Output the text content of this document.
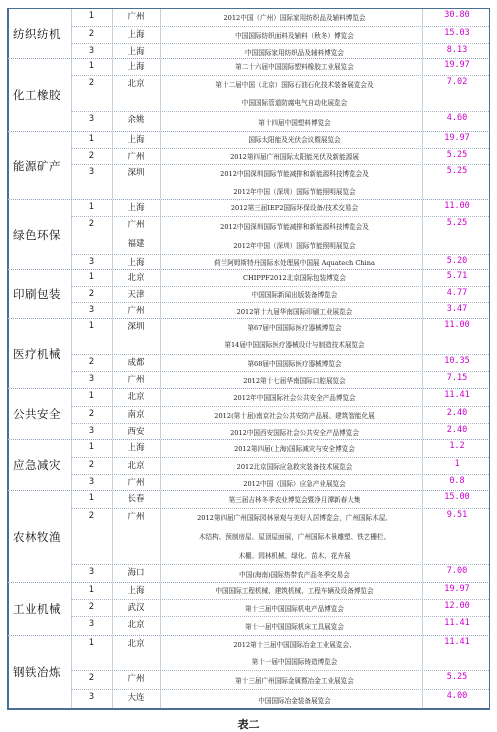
纺织纺机
1	广州	2012中国（广州）国际家用纺织品及辅料博览会	30.80
2	上海	中国国际纺织面料及辅料（秋冬）博览会	15.03
3	上海	中国国际家用纺织品及辅料博览会	8.13
化工橡胶
1	上海	第二十六届中国国际塑料橡胶工业展览会	19.97
2	北京	第十二届中国（北京）国际石油石化技术装备展览会及
中国国际管道防腐电气自动化展览会
7.02
3	余姚	第十四届中国塑料博览会	4.60
能源矿产
1	上海	国际太阳能及光伏会议暨展览会	19.97
2	广州	2012第四届广州国际太阳能光伏及新能源展	5.25
3	深圳	2012中国深圳国际节能减排和新能源科技博览会及
2012年中国（深圳）国际节能照明展览会
5.25
绿色环保
1	上海	2012第三届IEP2国际环保设备/技术交易会	11.00
2	广州
福建
2012中国深圳国际节能减排和新能源科技博览会及
2012年中国（深圳）国际节能照明展览会
5.25
3	上海	荷兰阿姆斯特丹国际水处理展中国展 Aquatech China	5.20
印刷包装
1	北京	CHIPPF2012北京国际包装博览会	5.71
2	天津	中国国际新闻出版装备博览会	4.77
3	广州	2012第十九届华南国际印刷工业展览会	3.47
医疗机械
1	深圳	第67届中国国际医疗器械博览会
第14届中国国际医疗器械设计与制造技术展览会
11.00
2	成都	第68届中国国际医疗器械博览会	10.35
3	广州	2012第十七届华南国际口腔展览会	7.15
公共安全
1	北京	2012年中国国际社会公共安全产品博览会	11.41
2	南京	2012(第十届)南京社会公共安防产品展、建筑智能化展	2.40
3	西安	2012中国西安国际社会公共安全产品博览会	2.40
应急减灾
1	上海	2012第四届(上海)国际减灾与安全博览会	1.2
2	北京	2012北京国际应急救灾装备技术展览会	1
3	广州	2012中国（国际）应急产业展览会	0.8
农林牧渔
1	长春	第三届吉林冬季农业博览会暨净月潭新春大集	15.00
2	广州	2012第四届广州国际园林景观与美好人居博览会，广州国际木屋、
木结构、预制房屋、屋顶屋面展，广州国际木景雕塑、铁艺栅栏、
木棚、园林机械、绿化、苗木、花卉展
9.51
3	海口	中国(海南)国际热带农产品冬季交易会	7.00
工业机械
1	上海	中国国际工程机械、建筑机械、工程车辆及设备博览会	19.97
2	武汉	第十三届中国国际机电产品博览会	12.00
3	北京	第十一届中国国际机床工具展览会	11.41
钢铁冶炼
1	北京	2012第十三届中国国际冶金工业展览会、
第十一届中国国际铸造博览会
11.41
2	广州	第十三届广州国际金属暨冶金工业展览会	5.25
3	大连	中国国际冶金装备展览会	4.00
表二
